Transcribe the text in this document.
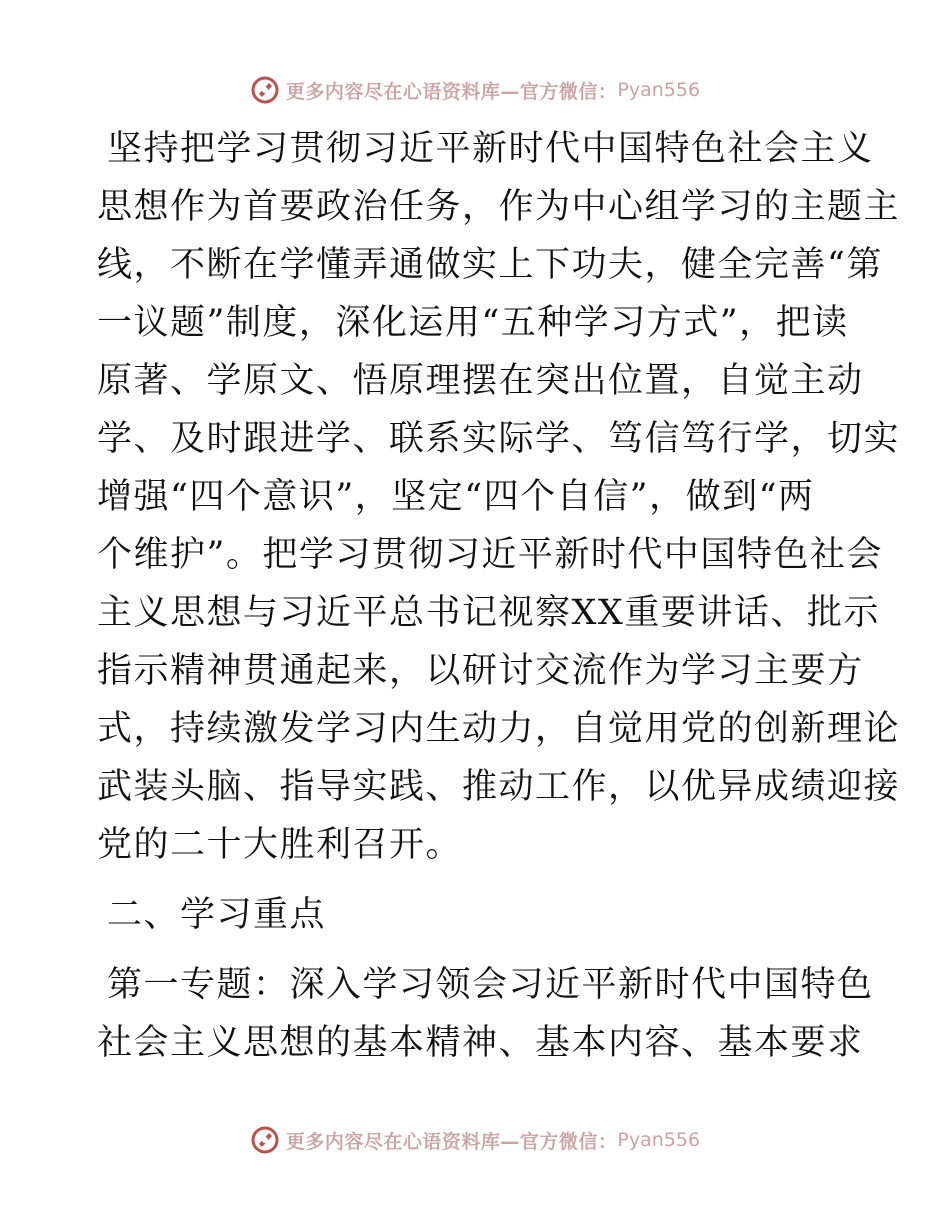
更多内容尽在心语资料库—官方微信： Pyan556
坚持把学习贯彻习近平新时代中国特色社会主义
思想作为首要政治任务，作为中心组学习的主题主
线，不断在学懂弄通做实上下功夫，健全完善“第
一议题”制度，深化运用“五种学习方式”，把读
原著、学原文、悟原理摆在突出位置，自觉主动
学、及时跟进学、联系实际学、笃信笃行学，切实
增强“四个意识”，坚定“四个自信”，做到“两
个维护”。把学习贯彻习近平新时代中国特色社会
主义思想与习近平总书记视察XX重要讲话、批示
指示精神贯通起来，以研讨交流作为学习主要方
式，持续激发学习内生动力，自觉用党的创新理论
武装头脑、指导实践、推动工作，以优异成绩迎接
党的二十大胜利召开。
二、学习重点
第一专题：深入学习领会习近平新时代中国特色
社会主义思想的基本精神、基本内容、基本要求
更多内容尽在心语资料库—官方微信： Pyan556
